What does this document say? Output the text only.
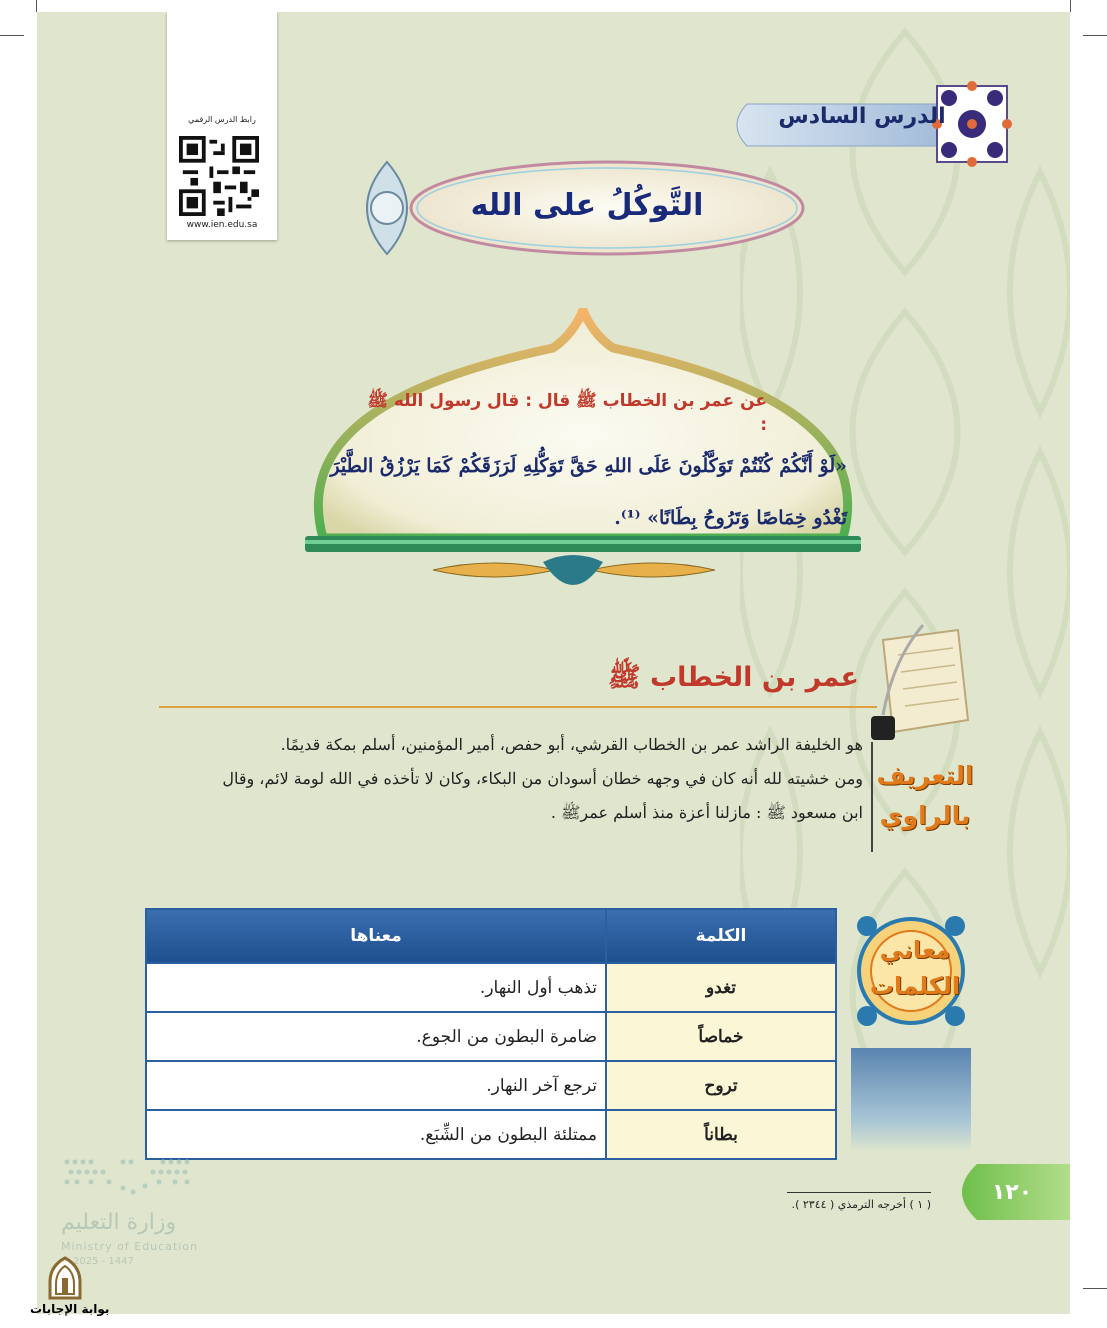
رابط الدرس الرقمي
www.ien.edu.sa
الدرس السادس
التَّوكُلُ على الله
عن عمر بن الخطاب ﷺ قال : قال رسول الله ﷺ :
«لَوْ أَنَّكُمْ كُنْتُمْ تَوَكَّلُونَ عَلَى اللهِ حَقَّ تَوَكُّلِهِ لَرَزَقَكُمْ كَمَا يَرْزُقُ الطَّيْرَ
تَغْدُو خِمَاصًا وَتَرُوحُ بِطَانًا» ⁽¹⁾.
عمر بن الخطاب ﷺ
التعريف
بالراوي
هو الخليفة الراشد عمر بن الخطاب القرشي، أبو حفص، أمير المؤمنين، أسلم بمكة قديمًا.
ومن خشيته لله أنه كان في وجهه خطان أسودان من البكاء، وكان لا تأخذه في الله لومة لائم، وقال
ابن مسعود ﷺ : مازلنا أعزة منذ أسلم عمرﷺ .
معاني
الكلمات
الكلمة	معناها
تغدو	تذهب أول النهار.
خماصاً	ضامرة البطون من الجوع.
تروح	ترجع آخر النهار.
بطاناً	ممتلئة البطون من الشِّبَع.
١٢٠
( ١ ) أخرجه الترمذي ( ٢٣٤٤ ).
وزارة التعليم
Ministry of Education
2025 - 1447
بوابة الإجابات
